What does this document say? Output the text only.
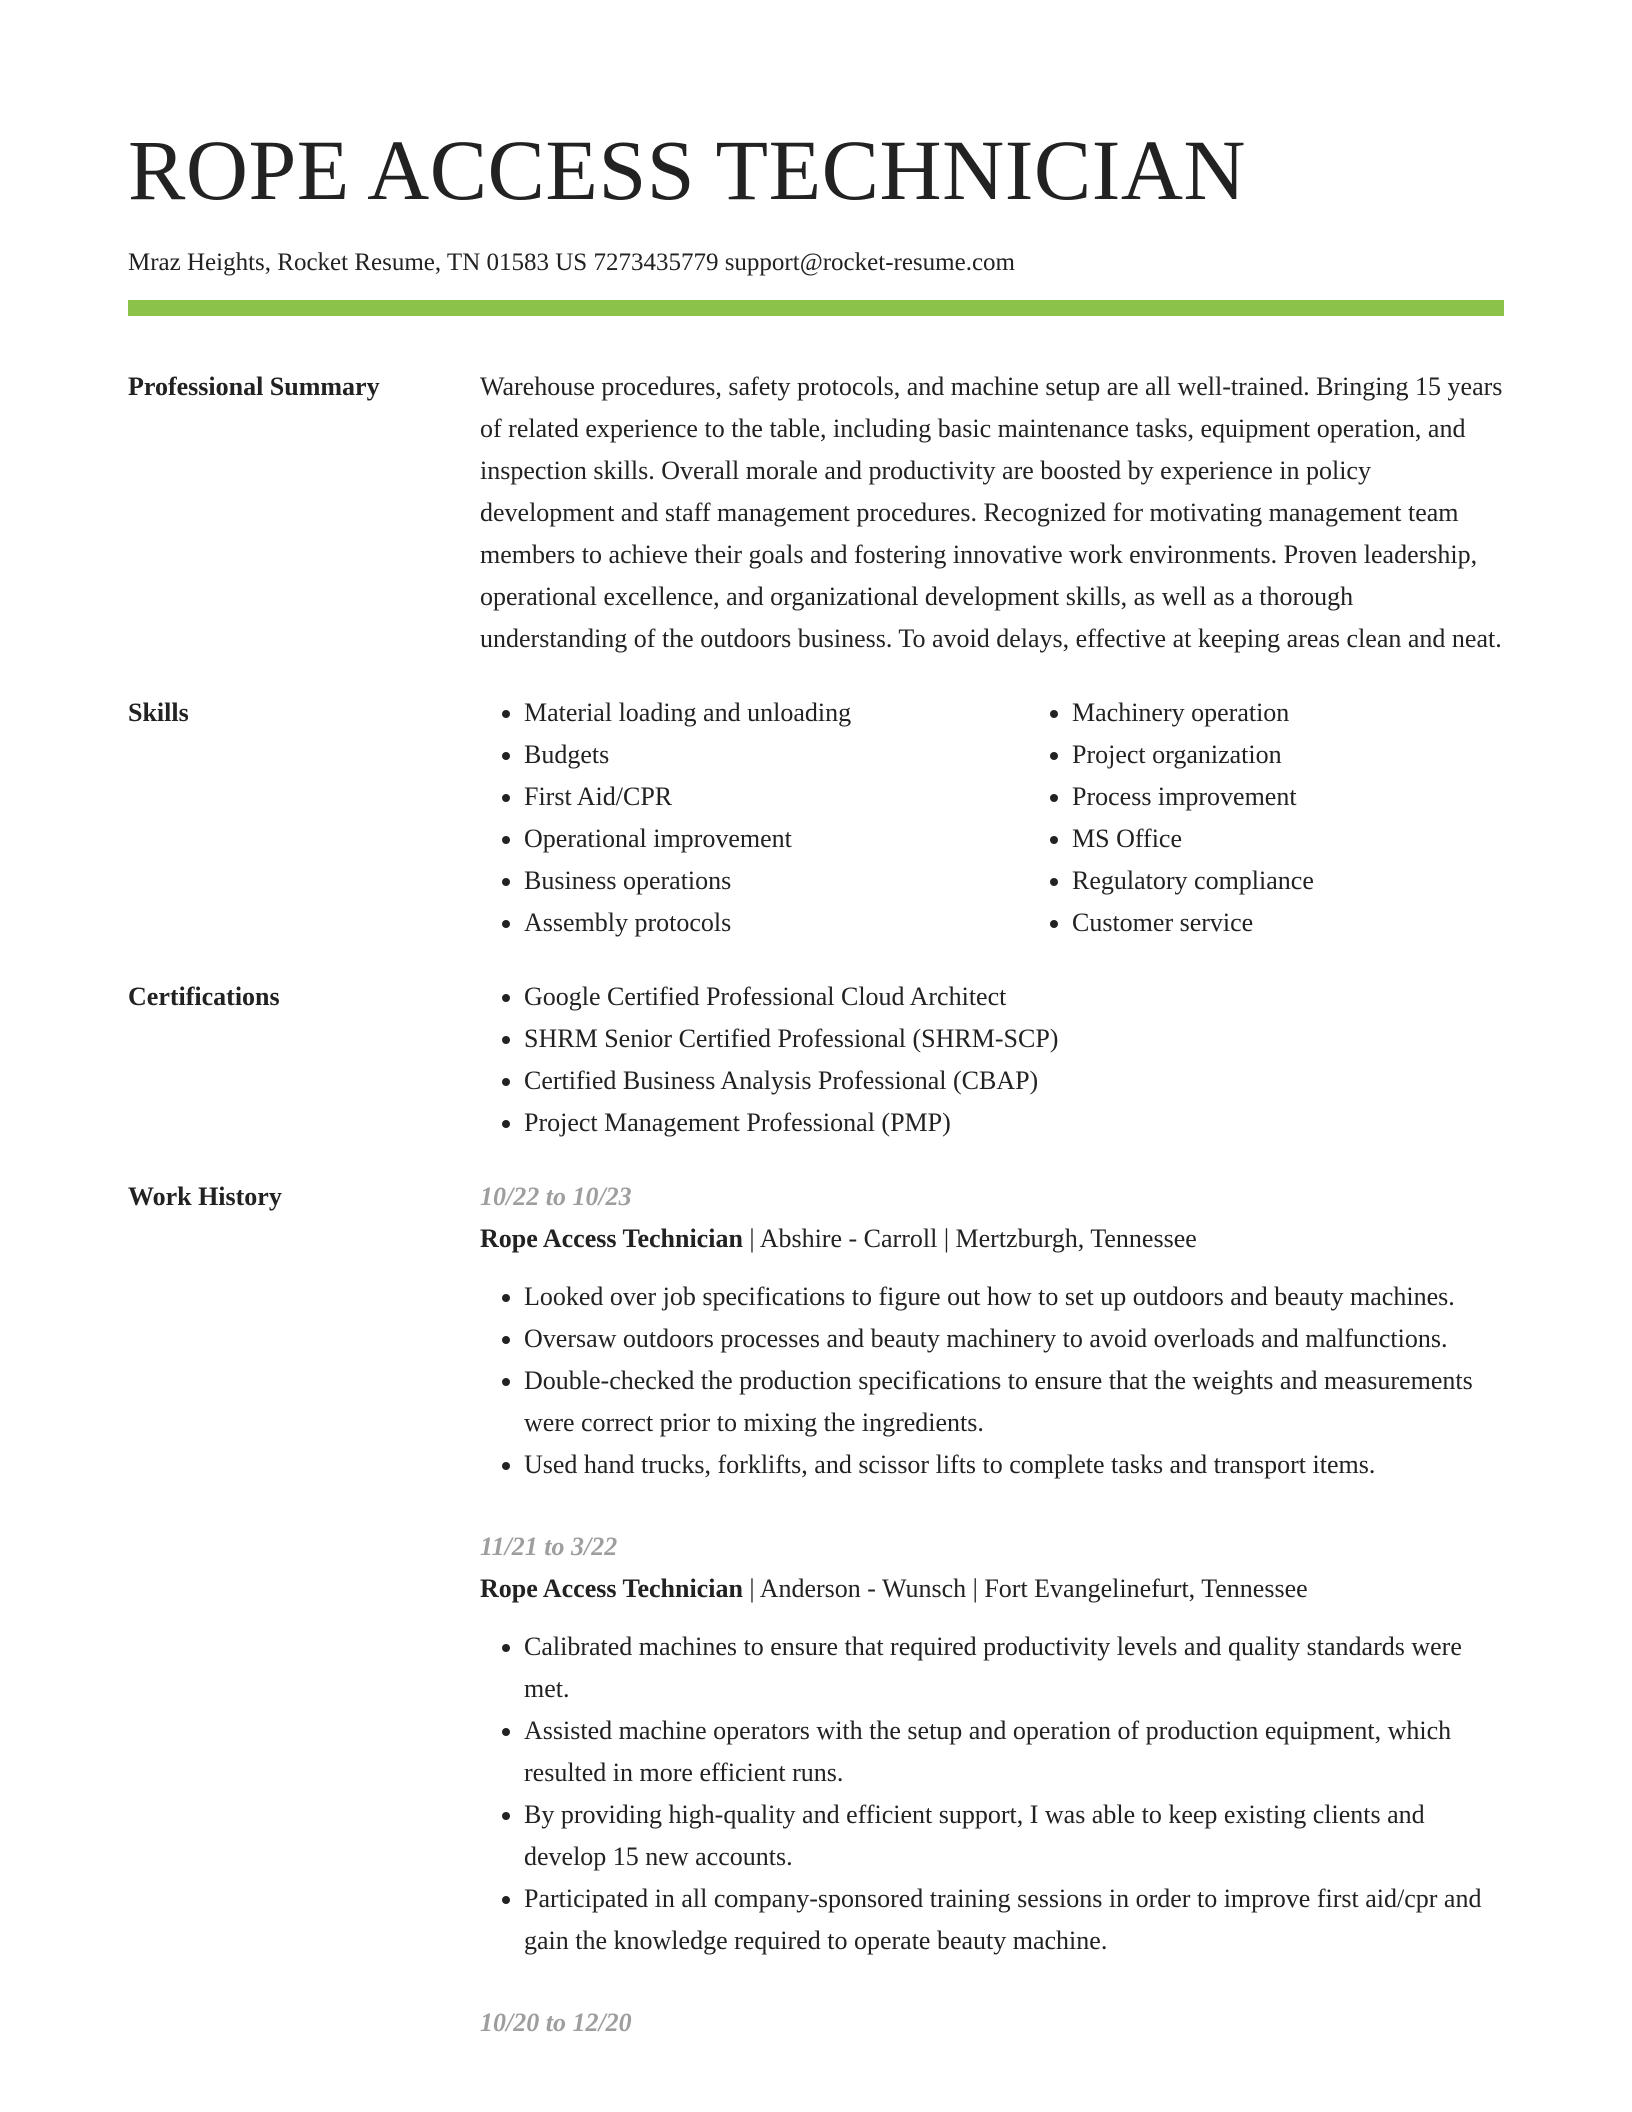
ROPE ACCESS TECHNICIAN
Mraz Heights, Rocket Resume, TN 01583 US 7273435779 support@rocket-resume.com
Professional Summary	Warehouse procedures, safety protocols, and machine setup are all well-trained. Bringing 15 years of related experience to the table, including basic maintenance tasks, equipment operation, and inspection skills. Overall morale and productivity are boosted by experience in policy development and staff management procedures. Recognized for motivating management team members to achieve their goals and fostering innovative work environments. Proven leadership, operational excellence, and organizational development skills, as well as a thorough understanding of the outdoors business. To avoid delays, effective at keeping areas clean and neat.
Skills	• Material loading and unloading
• Budgets
• First Aid/CPR
• Operational improvement
• Business operations
• Assembly protocols
• Machinery operation
• Project organization
• Process improvement
• MS Office
• Regulatory compliance
• Customer service
Certifications	• Google Certified Professional Cloud Architect
• SHRM Senior Certified Professional (SHRM-SCP)
• Certified Business Analysis Professional (CBAP)
• Project Management Professional (PMP)
Work History	10/22 to 10/23
Rope Access Technician | Abshire - Carroll | Mertzburgh, Tennessee
• Looked over job specifications to figure out how to set up outdoors and beauty machines.
• Oversaw outdoors processes and beauty machinery to avoid overloads and malfunctions.
• Double-checked the production specifications to ensure that the weights and measurements were correct prior to mixing the ingredients.
• Used hand trucks, forklifts, and scissor lifts to complete tasks and transport items.
11/21 to 3/22
Rope Access Technician | Anderson - Wunsch | Fort Evangelinefurt, Tennessee
• Calibrated machines to ensure that required productivity levels and quality standards were met.
• Assisted machine operators with the setup and operation of production equipment, which resulted in more efficient runs.
• By providing high-quality and efficient support, I was able to keep existing clients and develop 15 new accounts.
• Participated in all company-sponsored training sessions in order to improve first aid/cpr and gain the knowledge required to operate beauty machine.
10/20 to 12/20
